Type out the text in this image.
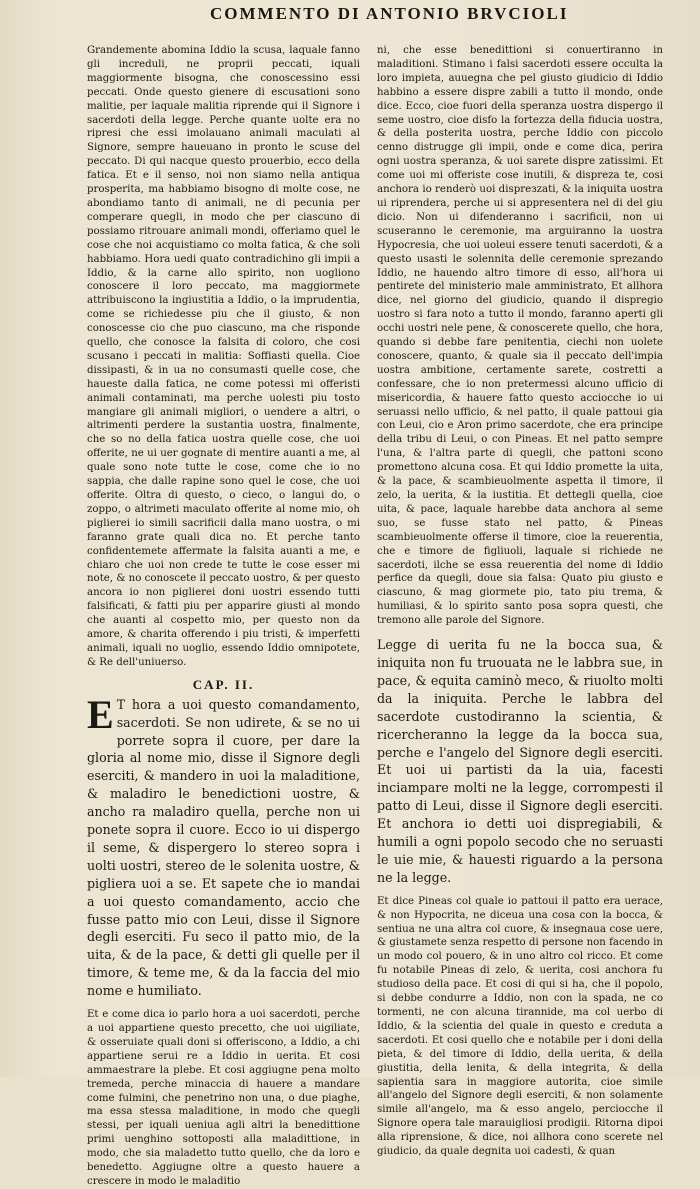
COMMENTO DI ANTONIO BRVCIOLI

Grandemente abomina Iddio la scusa, laquale fanno gli increduli, ne proprii peccati, iquali maggiormente bisogna, che conoscessino essi peccati. Onde questo gienere di escusationi sono malitie, per laquale malitia riprende qui il Signore i sacerdoti della legge. Perche quante uolte era no ripresi che essi imolauano animali maculati al Signore, sempre haueuano in pronto le scuse del peccato. Di qui nacque questo prouerbio, ecco della fatica. Et e il senso, noi non siamo nella antiqua prosperita, ma habbiamo bisogno di molte cose, ne abondiamo tanto di animali, ne di pecunia per comperare quegli, in modo che per ciascuno di possiamo ritrouare animali mondi, offeriamo quel le cose che noi acquistiamo co molta fatica, & che soli habbiamo. Hora uedi quato contradichino gli impii a Iddio, & la carne allo spirito, non uogliono conoscere il loro peccato, ma maggiormete attribuiscono la ingiustitia a Iddio, o la imprudentia, come se richiedesse piu che il giusto, & non conoscesse cio che puo ciascuno, ma che risponde quello, che conosce la falsita di coloro, che cosi scusano i peccati in malitia: Soffiasti quella. Cioe dissipasti, & in ua no consumasti quelle cose, che haueste dalla fatica, ne come potessi mi offeristi animali contaminati, ma perche uolesti piu tosto mangiare gli animali migliori, o uendere a altri, o altrimenti perdere la sustantia uostra, finalmente, che so no della fatica uostra quelle cose, che uoi offerite, ne ui uer gognate di mentire auanti a me, al quale sono note tutte le cose, come che io no sappia, che dalle rapine sono quel le cose, che uoi offerite. Oltra di questo, o cieco, o langui do, o zoppo, o altrimeti maculato offerite al nome mio, oh piglierei io simili sacrificii dalla mano uostra, o mi faranno grate quali dica no. Et perche tanto confidentemete affermate la falsita auanti a me, e chiaro che uoi non crede te tutte le cose esser mi note, & no conoscete il peccato uostro, & per questo ancora io non piglierei doni uostri essendo tutti falsificati, & fatti piu per apparire giusti al mondo che auanti al cospetto mio, per questo non da amore, & charita offerendo i piu tristi, & imperfetti animali, iquali no uoglio, essendo Iddio omnipotete, & Re dell'uniuerso.

CAP. II.

E T hora a uoi questo comandamento, sacerdoti. Se non udirete, & se no ui porrete sopra il cuore, per dare la gloria al nome mio, disse il Signore degli eserciti, & mandero in uoi la maladitione, & maladiro le benedictioni uostre, & ancho ra maladiro quella, perche non ui ponete sopra il cuore. Ecco io ui dispergo il seme, & dispergero lo stereo sopra i uolti uostri, stereo de le solenita uostre, & pigliera uoi a se. Et sapete che io mandai a uoi questo comandamento, accio che fusse patto mio con Leui, disse il Signore degli eserciti. Fu seco il patto mio, de la uita, & de la pace, & detti gli quelle per il timore, & teme me, & da la faccia del mio nome e humiliato.

Et e come dica io parlo hora a uoi sacerdoti, perche a uoi appartiene questo precetto, che uoi uigiliate, & osseruiate quali doni si offeriscono, a Iddio, a chi appartiene serui re a Iddio in uerita. Et cosi ammaestrare la plebe. Et cosi aggiugne pena molto tremeda, perche minaccia di hauere a mandare come fulmini, che penetrino non una, o due piaghe, ma essa stessa maladitione, in modo che quegli stessi, per iquali ueniua agli altri la benedittione primi uenghino sottoposti alla maladittione, in modo, che sia maladetto tutto quello, che da loro e benedetto. Aggiugne oltre a questo hauere a crescere in modo le maladitio

ni, che esse benedittioni si conuertiranno in maladitioni. Stimano i falsi sacerdoti essere occulta la loro impieta, auuegna che pel giusto giudicio di Iddio habbino a essere dispre zabili a tutto il mondo, onde dice. Ecco, cioe fuori della speranza uostra dispergo il seme uostro, cioe disfo la fortezza della fiducia uostra, & della posterita uostra, perche Iddio con piccolo cenno distrugge gli impii, onde e come dica, perira ogni uostra speranza, & uoi sarete dispre zatissimi. Et come uoi mi offeriste cose inutili, & dispreza te, cosi anchora io renderò uoi dispreзzati, & la iniquita uostra ui riprendera, perche ui si appresentera nel di del giu dicio. Non ui difenderanno i sacrificii, non ui scuseranno le ceremonie, ma arguiranno la uostra Hypocresia, che uoi uoleui essere tenuti sacerdoti, & a questo usasti le solennita delle ceremonie sprezando Iddio, ne hauendo altro timore di esso, all'hora ui pentirete del ministerio male amministrato, Et allhora dice, nel giorno del giudicio, quando il dispregio uostro si fara noto a tutto il mondo, faranno aperti gli occhi uostri nele pene, & conoscerete quello, che hora, quando si debbe fare penitentia, ciechi non uolete conoscere, quanto, & quale sia il peccato dell'impia uostra ambitione, certamente sarete, costretti a confessare, che io non pretermessi alcuno ufficio di misericordia, & hauere fatto questo acciocche io ui seruassi nello ufficio, & nel patto, il quale pattoui gia con Leui, cio e Aron primo sacerdote, che era principe della tribu di Leui, o con Pineas. Et nel patto sempre l'una, & l'altra parte di quegli, che pattoni scono promettono alcuna cosa. Et qui Iddio promette la uita, & la pace, & scambieuolmente aspetta il timore, il zelo, la uerita, & la iustitia. Et dettegli quella, cioe uita, & pace, laquale harebbe data anchora al seme suo, se fusse stato nel patto, & Pineas scambieuolmente offerse il timore, cioe la reuerentia, che e timore de figliuoli, laquale si richiede ne sacerdoti, ilche se essa reuerentia del nome di Iddio perfice da quegli, doue sia falsa: Quato piu giusto e ciascuno, & mag giormete pio, tato piu trema, & humiliasi, & lo spirito santo posa sopra questi, che tremono alle parole del Signore.

Legge di uerita fu ne la bocca sua, & iniquita non fu truouata ne le labbra sue, in pace, & equita caminò meco, & riuolto molti da la iniquita. Perche le labbra del sacerdote custodiranno la scientia, & ricercheranno la legge da la bocca sua, perche e l'angelo del Signore degli eserciti. Et uoi ui partisti da la uia, facesti inciampare molti ne la legge, corrompesti il patto di Leui, disse il Signore degli eserciti. Et anchora io detti uoi dispregiabili, & humili a ogni popolo secodo che no seruasti le uie mie, & hauesti riguardo a la persona ne la legge.

Et dice Pineas col quale io pattoui il patto era uerace, & non Hypocrita, ne diceua una cosa con la bocca, & sentiua ne una altra col cuore, & insegnaua cose uere, & giustamete senza respetto di persone non facendo in un modo col pouero, & in uno altro col ricco. Et come fu notabile Pineas di zelo, & uerita, cosi anchora fu studioso della pace. Et cosi di qui si ha, che il popolo, si debbe condurre a Iddio, non con la spada, ne co tormenti, ne con alcuna tirannide, ma col uerbo di Iddio, & la scientia del quale in questo e creduta a sacerdoti. Et cosi quello che e notabile per i doni della pieta, & del timore di Iddio, della uerita, & della giustitia, della lenita, & della integrita, & della sapientia sara in maggiore autorita, cioe simile all'angelo del Signore degli eserciti, & non solamente simile all'angelo, ma & esso angelo, perciocche il Signore opera tale marauigliosi prodigii. Ritorna dipoi alla riprensione, & dice, noi allhora cono scerete nel giudicio, da quale degnita uoi cadesti, & quan
